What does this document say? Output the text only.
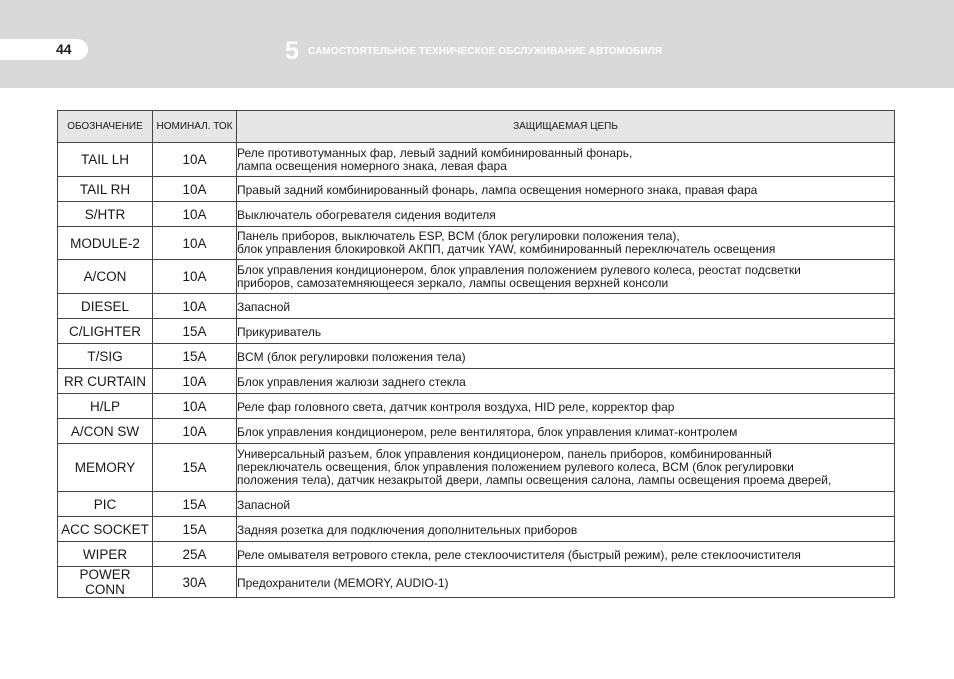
44	5 САМОСТОЯТЕЛЬНОЕ ТЕХНИЧЕСКОЕ ОБСЛУЖИВАНИЕ АВТОМОБИЛЯ
ОБОЗНАЧЕНИЕ	НОМИНАЛ. ТОК	ЗАЩИЩАЕМАЯ ЦЕПЬ
TAIL LH	10A	Реле противотуманных фар, левый задний комбинированный фонарь,
лампа освещения номерного знака, левая фара

TAIL RH	10A	Правый задний комбинированный фонарь, лампа освещения номерного знака, правая фара

S/HTR	10A	Выключатель обогревателя сидения водителя

MODULE-2	10A	Панель приборов, выключатель ESP, BCM (блок регулировки положения тела),
блок управления блокировкой АКПП, датчик YAW, комбинированный переключатель освещения

A/CON	10A	Блок управления кондиционером, блок управления положением рулевого колеса, реостат подсветки
приборов, самозатемняющееся зеркало, лампы освещения верхней консоли

DIESEL	10A	Запасной

C/LIGHTER	15A	Прикуриватель

T/SIG	15A	BCM (блок регулировки положения тела)

RR CURTAIN	10A	Блок управления жалюзи заднего стекла

H/LP	10A	Реле фар головного света, датчик контроля воздуха, HID реле, корректор фар

A/CON SW	10A	Блок управления кондиционером, реле вентилятора, блок управления климат-контролем

MEMORY	15A	Универсальный разъем, блок управления кондиционером, панель приборов, комбинированный
переключатель освещения, блок управления положением рулевого колеса, BCM (блок регулировки
положения тела), датчик незакрытой двери, лампы освещения салона, лампы освещения проема дверей,

PIC	15A	Запасной

ACC SOCKET	15A	Задняя розетка для подключения дополнительных приборов

WIPER	25A	Реле омывателя ветрового стекла, реле стеклоочистителя (быстрый режим), реле стеклоочистителя

POWER CONN	30A	Предохранители (MEMORY, AUDIO-1)
